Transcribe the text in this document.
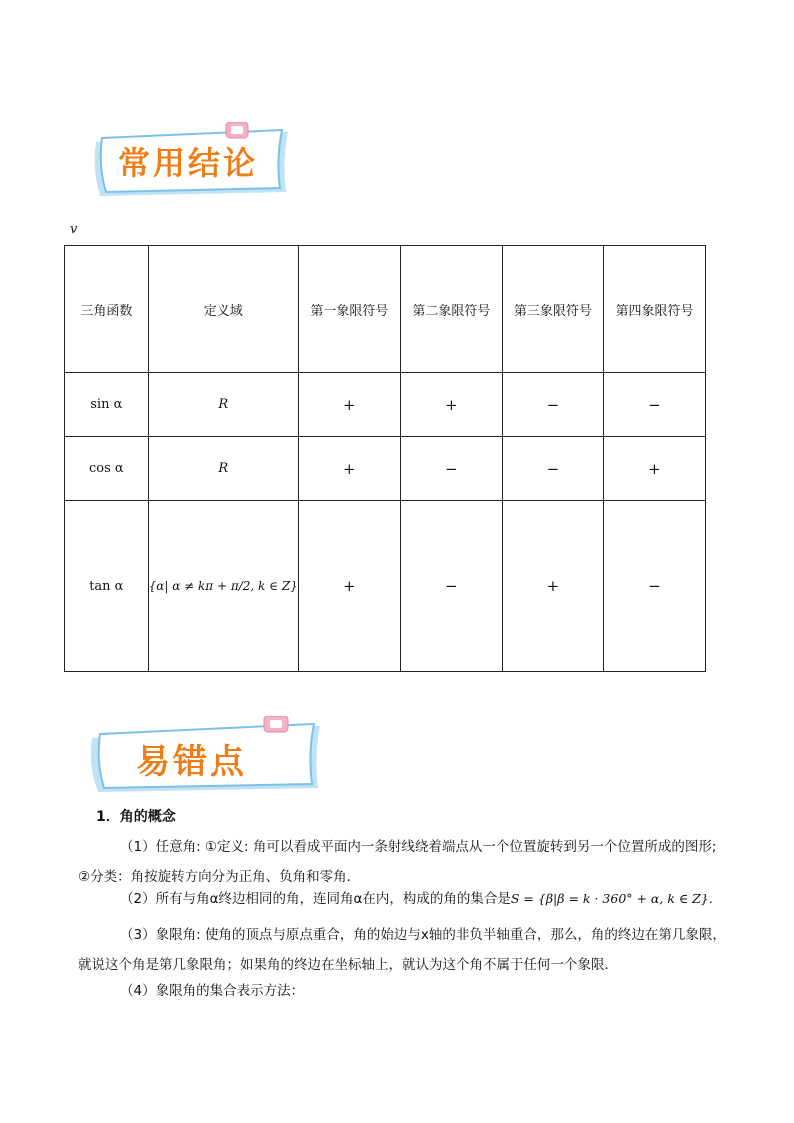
常用结论
v
三角函数	定义域	第一象限符号	第二象限符号	第三象限符号	第四象限符号
sin α	R	+	+	−	−
cos α	R	+	−	−	+
tan α	{α| α ≠ kπ + π/2, k ∈ Z}	+	−	+	−
易错点
1．角的概念
（1）任意角: ①定义: 角可以看成平面内一条射线绕着端点从一个位置旋转到另一个位置所成的图形; ②分类：角按旋转方向分为正角、负角和零角．
（2）所有与角α终边相同的角，连同角α在内，构成的角的集合是S = {β|β = k · 360° + α, k ∈ Z}．
（3）象限角: 使角的顶点与原点重合，角的始边与x轴的非负半轴重合，那么，角的终边在第几象限，就说这个角是第几象限角；如果角的终边在坐标轴上，就认为这个角不属于任何一个象限．
（4）象限角的集合表示方法：
